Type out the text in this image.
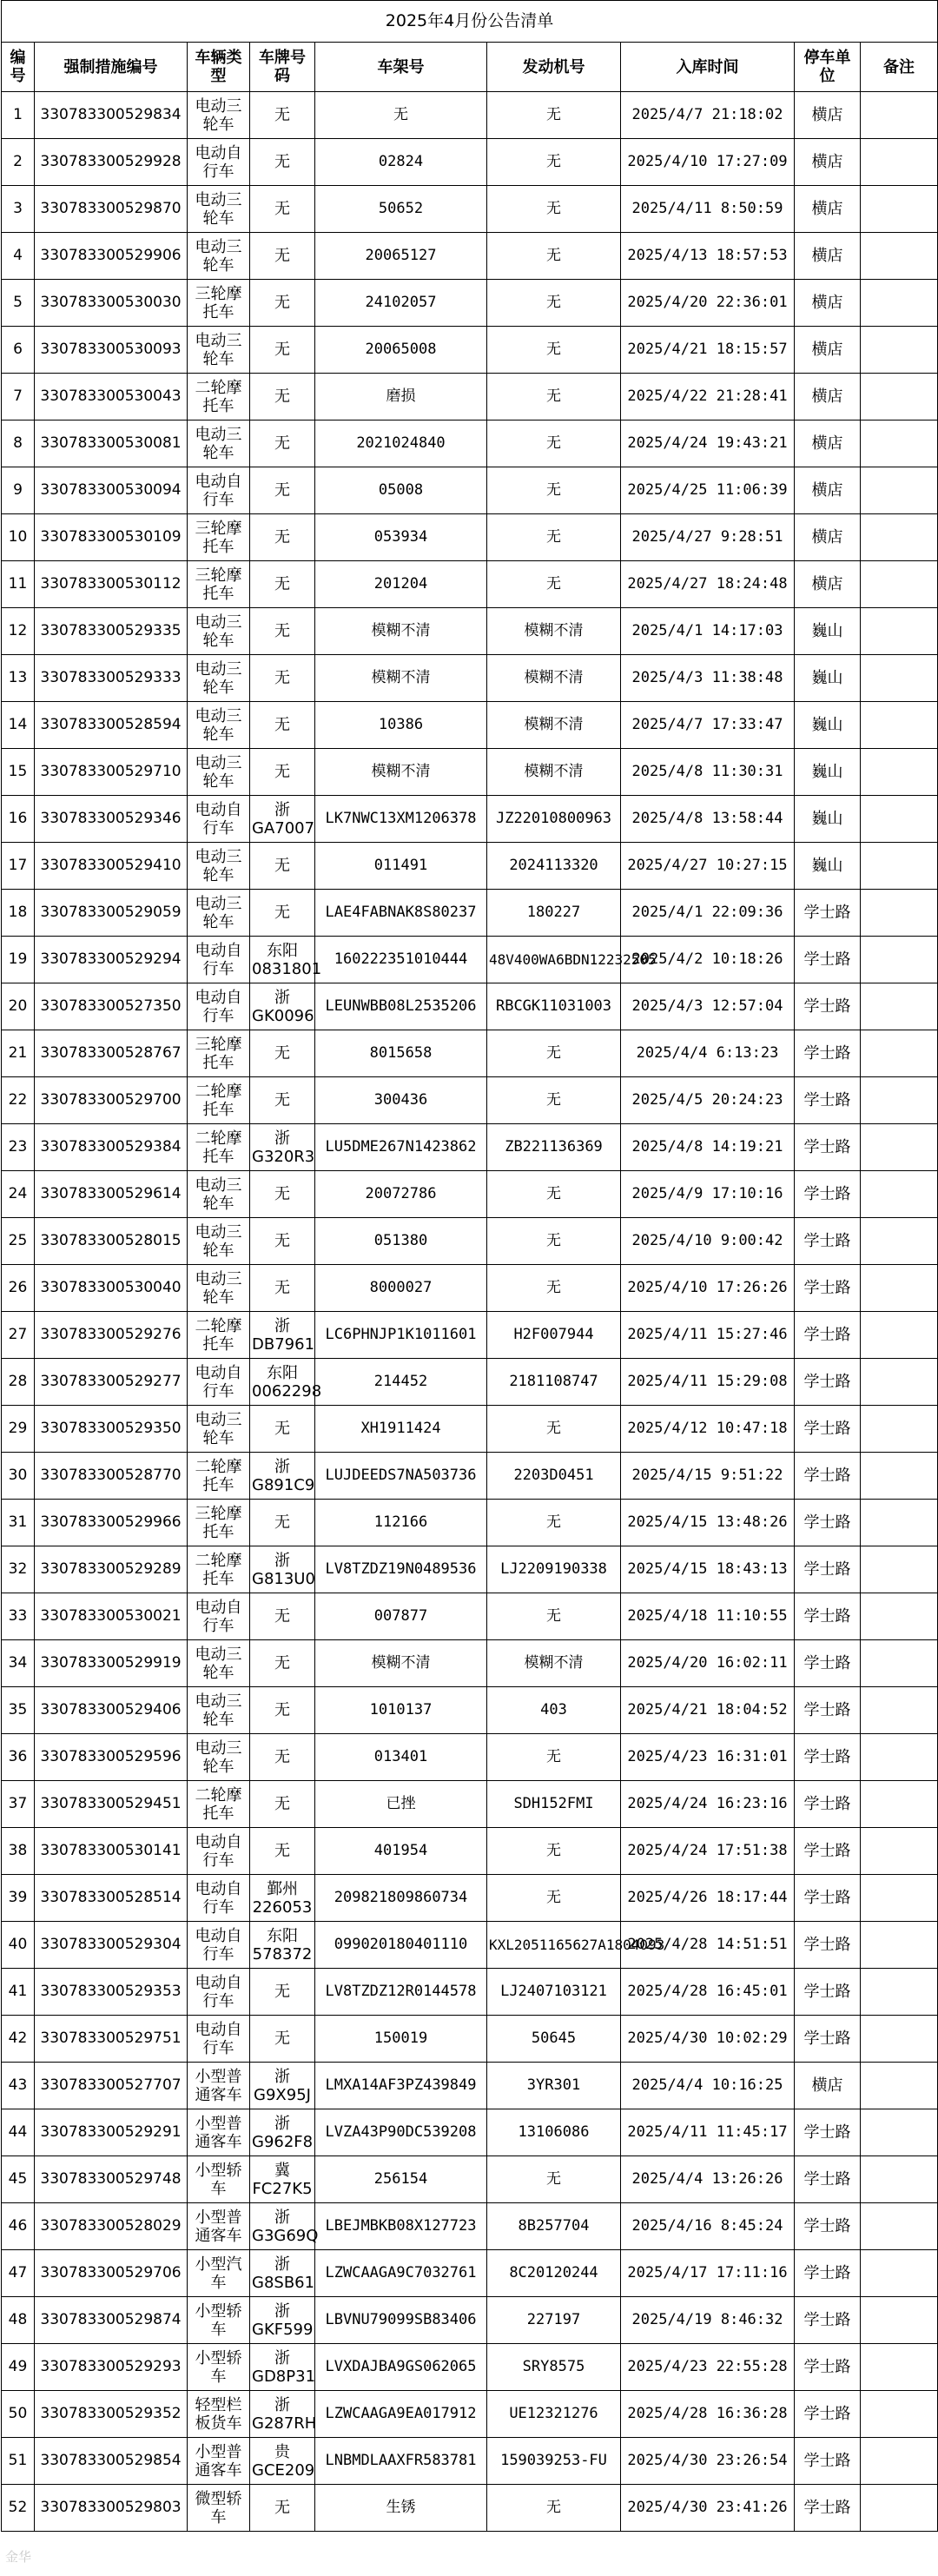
2025年4月份公告清单								
编号	强制措施编号	车辆类型	车牌号码	车架号	发动机号	入库时间	停车单位	备注
1	330783300529834	电动三轮车	无	无	无	2025/4/7 21:18:02	横店	
2	330783300529928	电动自行车	无	02824	无	2025/4/10 17:27:09	横店	
3	330783300529870	电动三轮车	无	50652	无	2025/4/11 8:50:59	横店	
4	330783300529906	电动三轮车	无	20065127	无	2025/4/13 18:57:53	横店	
5	330783300530030	三轮摩托车	无	24102057	无	2025/4/20 22:36:01	横店	
6	330783300530093	电动三轮车	无	20065008	无	2025/4/21 18:15:57	横店	
7	330783300530043	二轮摩托车	无	磨损	无	2025/4/22 21:28:41	横店	
8	330783300530081	电动三轮车	无	2021024840	无	2025/4/24 19:43:21	横店	
9	330783300530094	电动自行车	无	05008	无	2025/4/25 11:06:39	横店	
10	330783300530109	三轮摩托车	无	053934	无	2025/4/27 9:28:51	横店	
11	330783300530112	三轮摩托车	无	201204	无	2025/4/27 18:24:48	横店	
12	330783300529335	电动三轮车	无	模糊不清	模糊不清	2025/4/1 14:17:03	巍山	
13	330783300529333	电动三轮车	无	模糊不清	模糊不清	2025/4/3 11:38:48	巍山	
14	330783300528594	电动三轮车	无	10386	模糊不清	2025/4/7 17:33:47	巍山	
15	330783300529710	电动三轮车	无	模糊不清	模糊不清	2025/4/8 11:30:31	巍山	
16	330783300529346	电动自行车	浙GA7007	LK7NWC13XM1206378	JZ22010800963	2025/4/8 13:58:44	巍山	
17	330783300529410	电动三轮车	无	011491	2024113320	2025/4/27 10:27:15	巍山	
18	330783300529059	电动三轮车	无	LAE4FABNAK8S80237	180227	2025/4/1 22:09:36	学士路	
19	330783300529294	电动自行车	东阳0831801	160222351010444	48V400WA6BDN12232505	2025/4/2 10:18:26	学士路	
20	330783300527350	电动自行车	浙GK0096	LEUNWBB08L2535206	RBCGK11031003	2025/4/3 12:57:04	学士路	
21	330783300528767	三轮摩托车	无	8015658	无	2025/4/4 6:13:23	学士路	
22	330783300529700	二轮摩托车	无	300436	无	2025/4/5 20:24:23	学士路	
23	330783300529384	二轮摩托车	浙G320R3	LU5DME267N1423862	ZB221136369	2025/4/8 14:19:21	学士路	
24	330783300529614	电动三轮车	无	20072786	无	2025/4/9 17:10:16	学士路	
25	330783300528015	电动三轮车	无	051380	无	2025/4/10 9:00:42	学士路	
26	330783300530040	电动三轮车	无	8000027	无	2025/4/10 17:26:26	学士路	
27	330783300529276	二轮摩托车	浙DB7961	LC6PHNJP1K1011601	H2F007944	2025/4/11 15:27:46	学士路	
28	330783300529277	电动自行车	东阳0062298	214452	2181108747	2025/4/11 15:29:08	学士路	
29	330783300529350	电动三轮车	无	XH1911424	无	2025/4/12 10:47:18	学士路	
30	330783300528770	二轮摩托车	浙G891C9	LUJDEEDS7NA503736	2203D0451	2025/4/15 9:51:22	学士路	
31	330783300529966	三轮摩托车	无	112166	无	2025/4/15 13:48:26	学士路	
32	330783300529289	二轮摩托车	浙G813U0	LV8TZDZ19N0489536	LJ2209190338	2025/4/15 18:43:13	学士路	
33	330783300530021	电动自行车	无	007877	无	2025/4/18 11:10:55	学士路	
34	330783300529919	电动三轮车	无	模糊不清	模糊不清	2025/4/20 16:02:11	学士路	
35	330783300529406	电动三轮车	无	1010137	403	2025/4/21 18:04:52	学士路	
36	330783300529596	电动三轮车	无	013401	无	2025/4/23 16:31:01	学士路	
37	330783300529451	二轮摩托车	无	已挫	SDH152FMI	2025/4/24 16:23:16	学士路	
38	330783300530141	电动自行车	无	401954	无	2025/4/24 17:51:38	学士路	
39	330783300528514	电动自行车	鄞州226053	209821809860734	无	2025/4/26 18:17:44	学士路	
40	330783300529304	电动自行车	东阳578372	099020180401110	KXL2051165627A1804093	2025/4/28 14:51:51	学士路	
41	330783300529353	电动自行车	无	LV8TZDZ12R0144578	LJ2407103121	2025/4/28 16:45:01	学士路	
42	330783300529751	电动自行车	无	150019	50645	2025/4/30 10:02:29	学士路	
43	330783300527707	小型普通客车	浙G9X95J	LMXA14AF3PZ439849	3YR301	2025/4/4 10:16:25	横店	
44	330783300529291	小型普通客车	浙G962F8	LVZA43P90DC539208	13106086	2025/4/11 11:45:17	学士路	
45	330783300529748	小型轿车	冀FC27K5	256154	无	2025/4/4 13:26:26	学士路	
46	330783300528029	小型普通客车	浙G3G69Q	LBEJMBKB08X127723	8B257704	2025/4/16 8:45:24	学士路	
47	330783300529706	小型汽车	浙G8SB61	LZWCAAGA9C7032761	8C20120244	2025/4/17 17:11:16	学士路	
48	330783300529874	小型轿车	浙GKF599	LBVNU79099SB83406	227197	2025/4/19 8:46:32	学士路	
49	330783300529293	小型轿车	浙GD8P31	LVXDAJBA9GS062065	SRY8575	2025/4/23 22:55:28	学士路	
50	330783300529352	轻型栏板货车	浙G287RH	LZWCAAGA9EA017912	UE12321276	2025/4/28 16:36:28	学士路	
51	330783300529854	小型普通客车	贵GCE209	LNBMDLAAXFR583781	159039253-FU	2025/4/30 23:26:54	学士路	
52	330783300529803	微型轿车	无	生锈	无	2025/4/30 23:41:26	学士路	
金华
